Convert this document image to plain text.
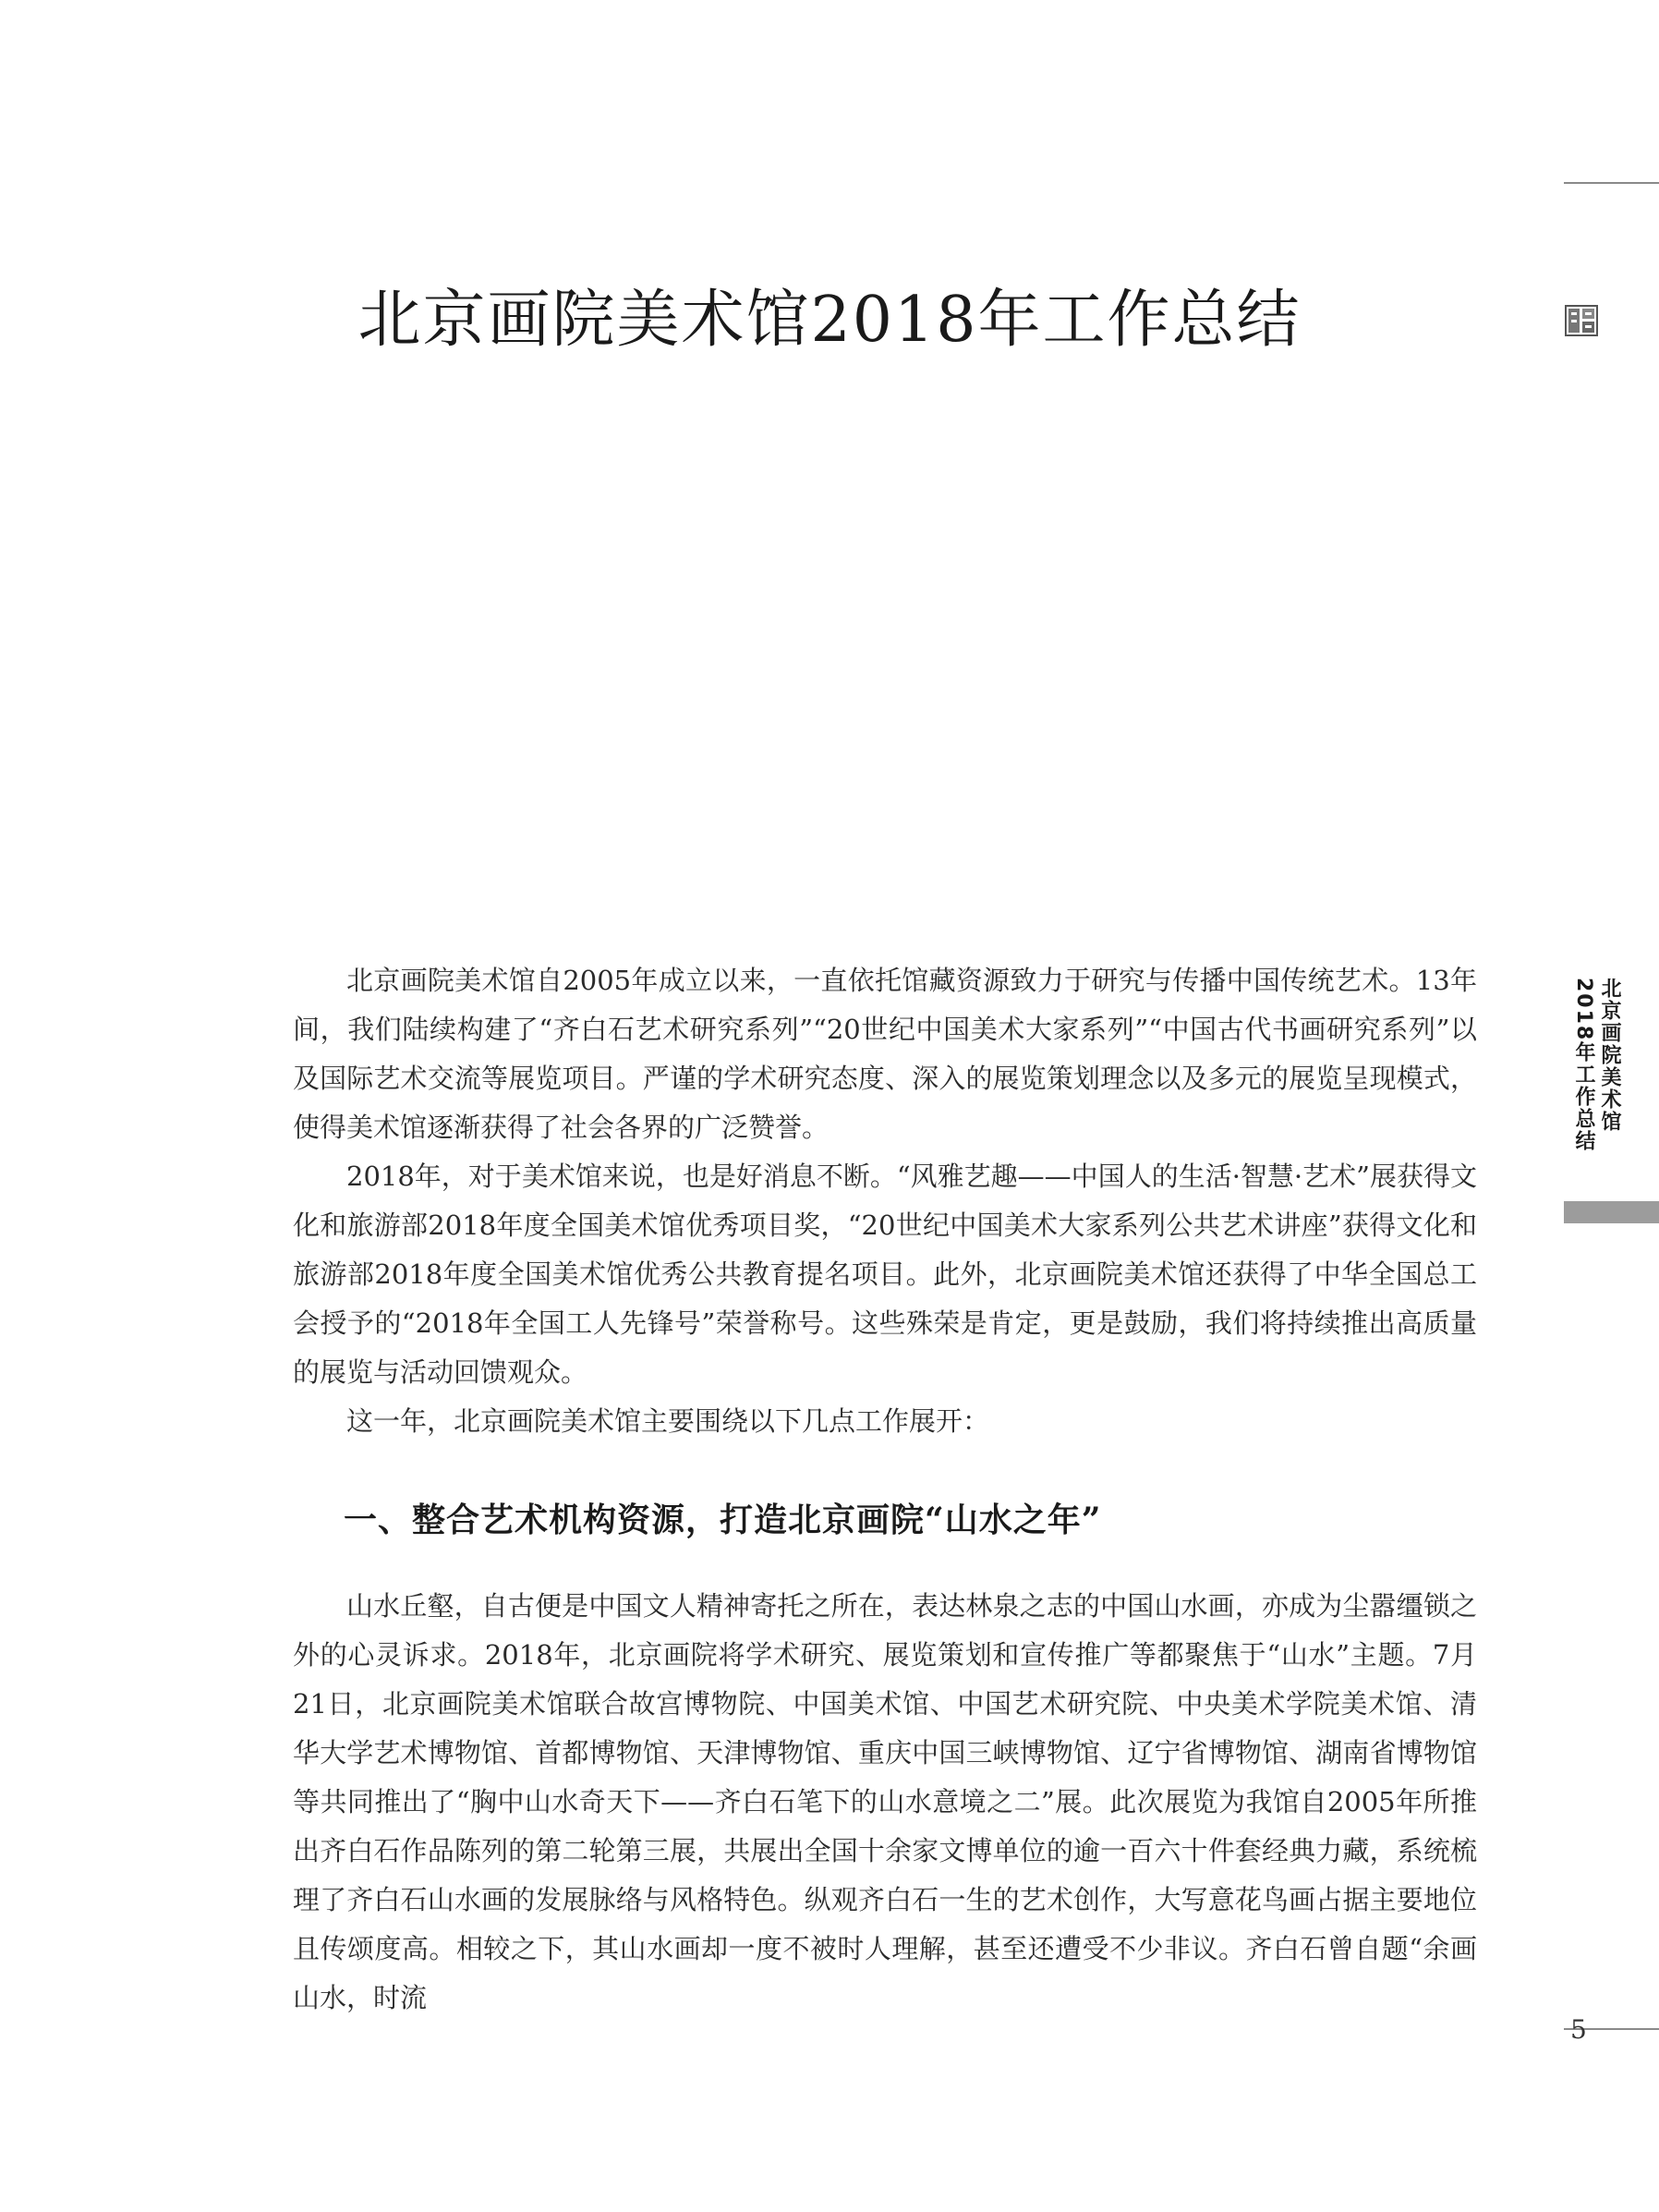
北京画院美术馆2018年工作总结
北京画院美术馆
2018年工作总结

北京画院美术馆自2005年成立以来，一直依托馆藏资源致力于研究与传播中国传统艺术。13年间，我们陆续构建了“齐白石艺术研究系列”“20世纪中国美术大家系列”“中国古代书画研究系列”以及国际艺术交流等展览项目。严谨的学术研究态度、深入的展览策划理念以及多元的展览呈现模式，使得美术馆逐渐获得了社会各界的广泛赞誉。

2018年，对于美术馆来说，也是好消息不断。“风雅艺趣——中国人的生活·智慧·艺术”展获得文化和旅游部2018年度全国美术馆优秀项目奖，“20世纪中国美术大家系列公共艺术讲座”获得文化和旅游部2018年度全国美术馆优秀公共教育提名项目。此外，北京画院美术馆还获得了中华全国总工会授予的“2018年全国工人先锋号”荣誉称号。这些殊荣是肯定，更是鼓励，我们将持续推出高质量的展览与活动回馈观众。

这一年，北京画院美术馆主要围绕以下几点工作展开：

一、整合艺术机构资源，打造北京画院“山水之年”

山水丘壑，自古便是中国文人精神寄托之所在，表达林泉之志的中国山水画，亦成为尘嚣缰锁之外的心灵诉求。2018年，北京画院将学术研究、展览策划和宣传推广等都聚焦于“山水”主题。7月21日，北京画院美术馆联合故宫博物院、中国美术馆、中国艺术研究院、中央美术学院美术馆、清华大学艺术博物馆、首都博物馆、天津博物馆、重庆中国三峡博物馆、辽宁省博物馆、湖南省博物馆等共同推出了“胸中山水奇天下——齐白石笔下的山水意境之二”展。此次展览为我馆自2005年所推出齐白石作品陈列的第二轮第三展，共展出全国十余家文博单位的逾一百六十件套经典力藏，系统梳理了齐白石山水画的发展脉络与风格特色。纵观齐白石一生的艺术创作，大写意花鸟画占据主要地位且传颂度高。相较之下，其山水画却一度不被时人理解，甚至还遭受不少非议。齐白石曾自题“余画山水，时流

5
